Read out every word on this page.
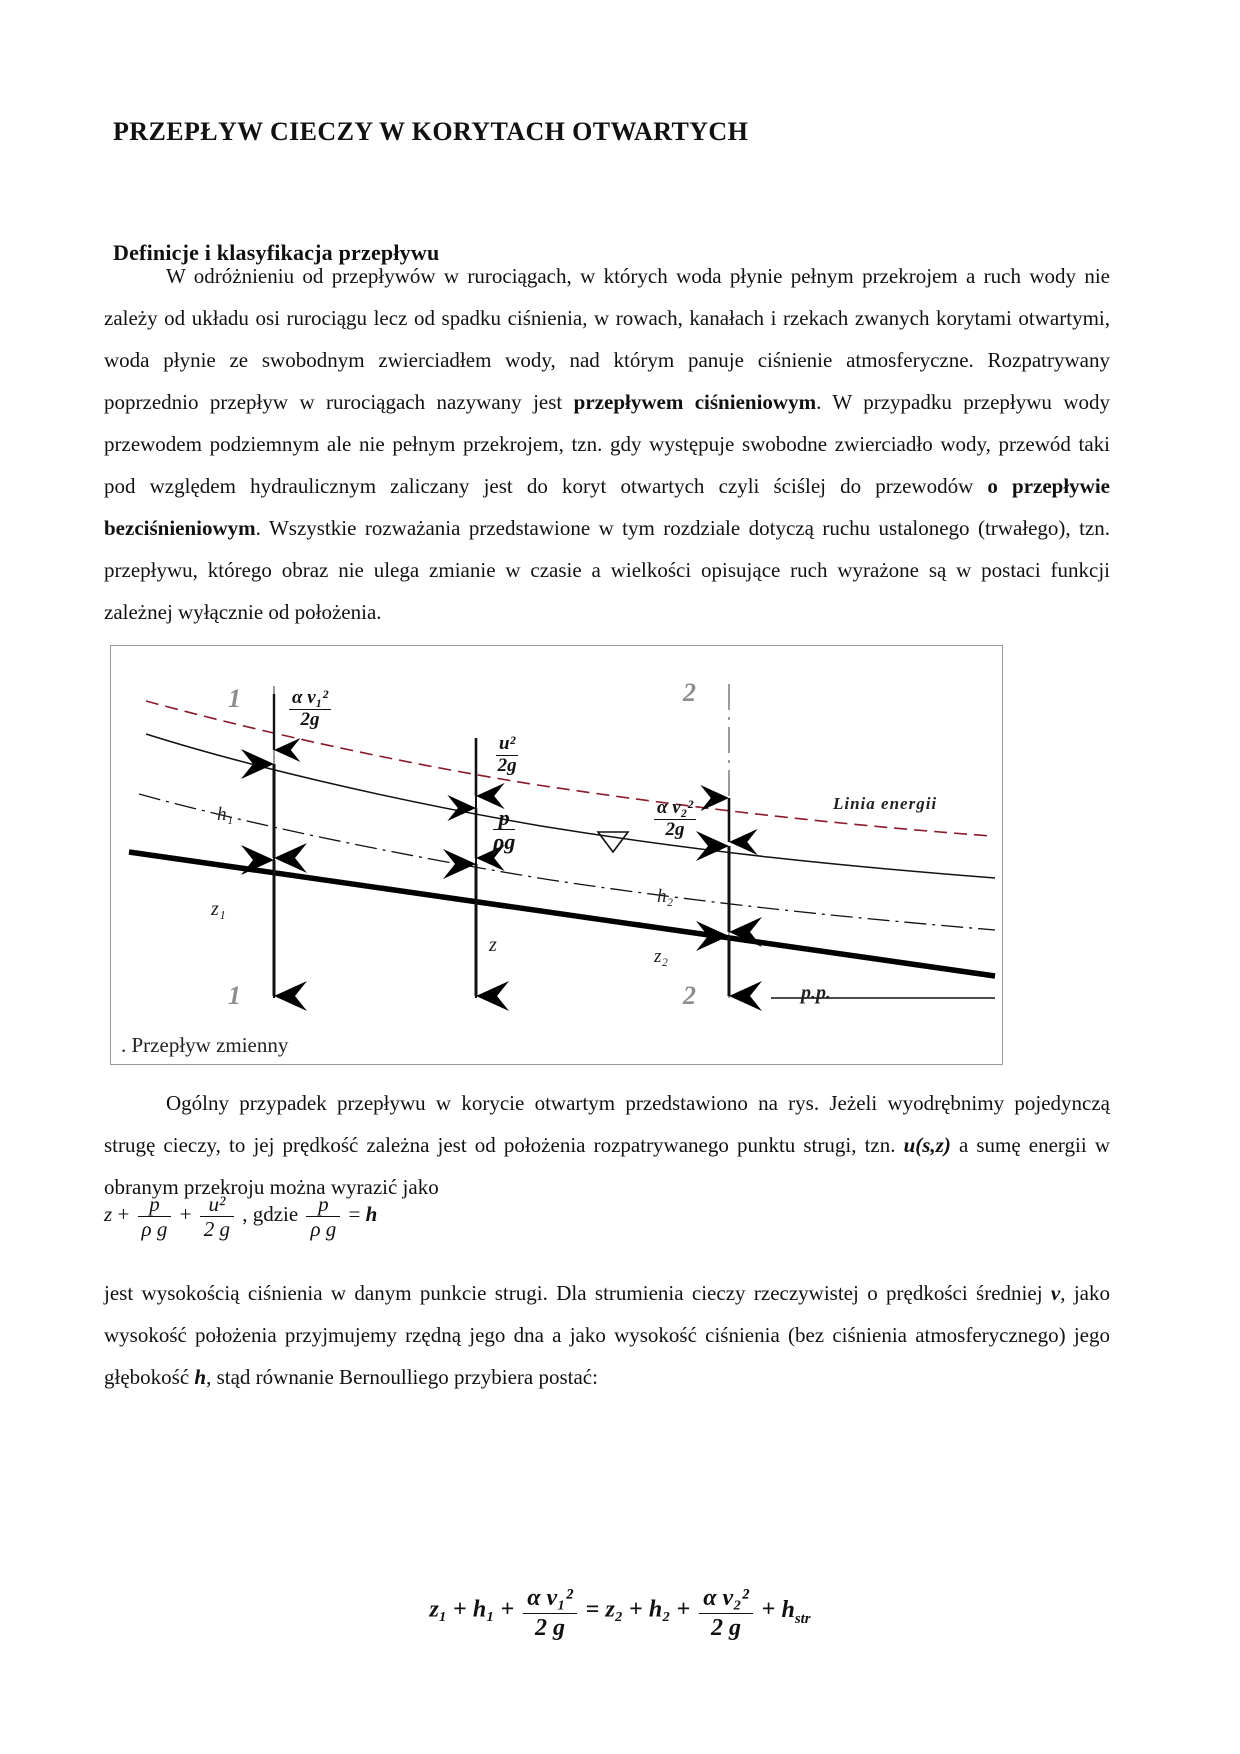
PRZEPŁYW CIECZY W KORYTACH OTWARTYCH
Definicje i klasyfikacja przepływu
W odróżnieniu od przepływów w rurociągach, w których woda płynie pełnym przekrojem a ruch wody nie zależy od układu osi rurociągu lecz od spadku ciśnienia, w rowach, kanałach i rzekach zwanych korytami otwartymi, woda płynie ze swobodnym zwierciadłem wody, nad którym panuje ciśnienie atmosferyczne. Rozpatrywany poprzednio przepływ w rurociągach nazywany jest przepływem ciśnieniowym. W przypadku przepływu wody przewodem podziemnym ale nie pełnym przekrojem, tzn. gdy występuje swobodne zwierciadło wody, przewód taki pod względem hydraulicznym zaliczany jest do koryt otwartych czyli ściślej do przewodów o przepływie bezciśnieniowym. Wszystkie rozważania przedstawione w tym rozdziale dotyczą ruchu ustalonego (trwałego), tzn. przepływu, którego obraz nie ulega zmianie w czasie a wielkości opisujące ruch wyrażone są w postaci funkcji zależnej wyłącznie od położenia.
1
1
2
2
α v₁²
2g
u²
2g
p
ρg
α v₂²
2g
h₁
h₂
z₁
z₂
z
Linia energii
p.p.
. Przepływ zmienny
Ogólny przypadek przepływu w korycie otwartym przedstawiono na rys. Jeżeli wyodrębnimy pojedynczą strugę cieczy, to jej prędkość zależna jest od położenia rozpatrywanego punktu strugi, tzn. u(s,z) a sumę energii w obranym przekroju można wyrazić jako
$z + \frac{p}{\text{ρ g}} + \frac{\text{u²}}{2 g}$ , gdzie $\frac{p}{\text{ρ g}} = h$
jest wysokością ciśnienia w danym punkcie strugi. Dla strumienia cieczy rzeczywistej o prędkości średniej v, jako wysokość położenia przyjmujemy rzędną jego dna a jako wysokość ciśnienia (bez ciśnienia atmosferycznego) jego głębokość h, stąd równanie Bernoulliego przybiera postać:
$z_1 + h_1 + \frac{\text{α v₁²}}{2 g} = z_2 + h_2 + \frac{\text{α v₂²}}{2 g} + h_{str}$
